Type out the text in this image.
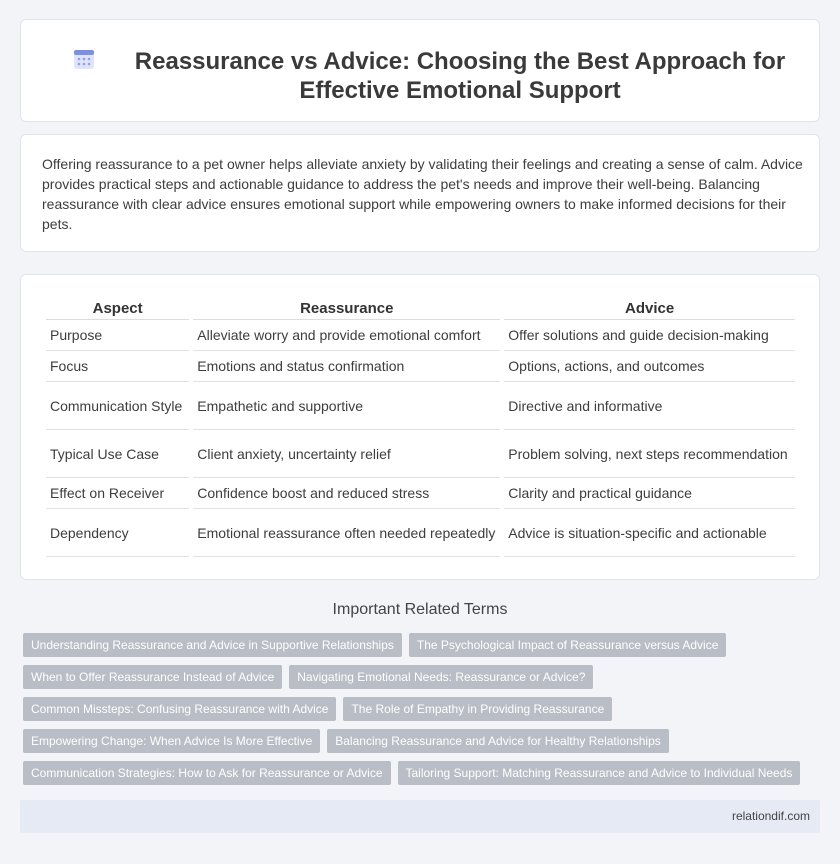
Reassurance vs Advice: Choosing the Best Approach for Effective Emotional Support

Offering reassurance to a pet owner helps alleviate anxiety by validating their feelings and creating a sense of calm. Advice provides practical steps and actionable guidance to address the pet's needs and improve their well-being. Balancing reassurance with clear advice ensures emotional support while empowering owners to make informed decisions for their pets.

Aspect	Reassurance	Advice
Purpose	Alleviate worry and provide emotional comfort	Offer solutions and guide decision-making
Focus	Emotions and status confirmation	Options, actions, and outcomes
Communication Style	Empathetic and supportive	Directive and informative
Typical Use Case	Client anxiety, uncertainty relief	Problem solving, next steps recommendation
Effect on Receiver	Confidence boost and reduced stress	Clarity and practical guidance
Dependency	Emotional reassurance often needed repeatedly	Advice is situation-specific and actionable
Important Related Terms
Understanding Reassurance and Advice in Supportive Relationships	The Psychological Impact of Reassurance versus Advice
When to Offer Reassurance Instead of Advice	Navigating Emotional Needs: Reassurance or Advice?
Common Missteps: Confusing Reassurance with Advice	The Role of Empathy in Providing Reassurance
Empowering Change: When Advice Is More Effective	Balancing Reassurance and Advice for Healthy Relationships
Communication Strategies: How to Ask for Reassurance or Advice	Tailoring Support: Matching Reassurance and Advice to Individual Needs
relationdif.com
